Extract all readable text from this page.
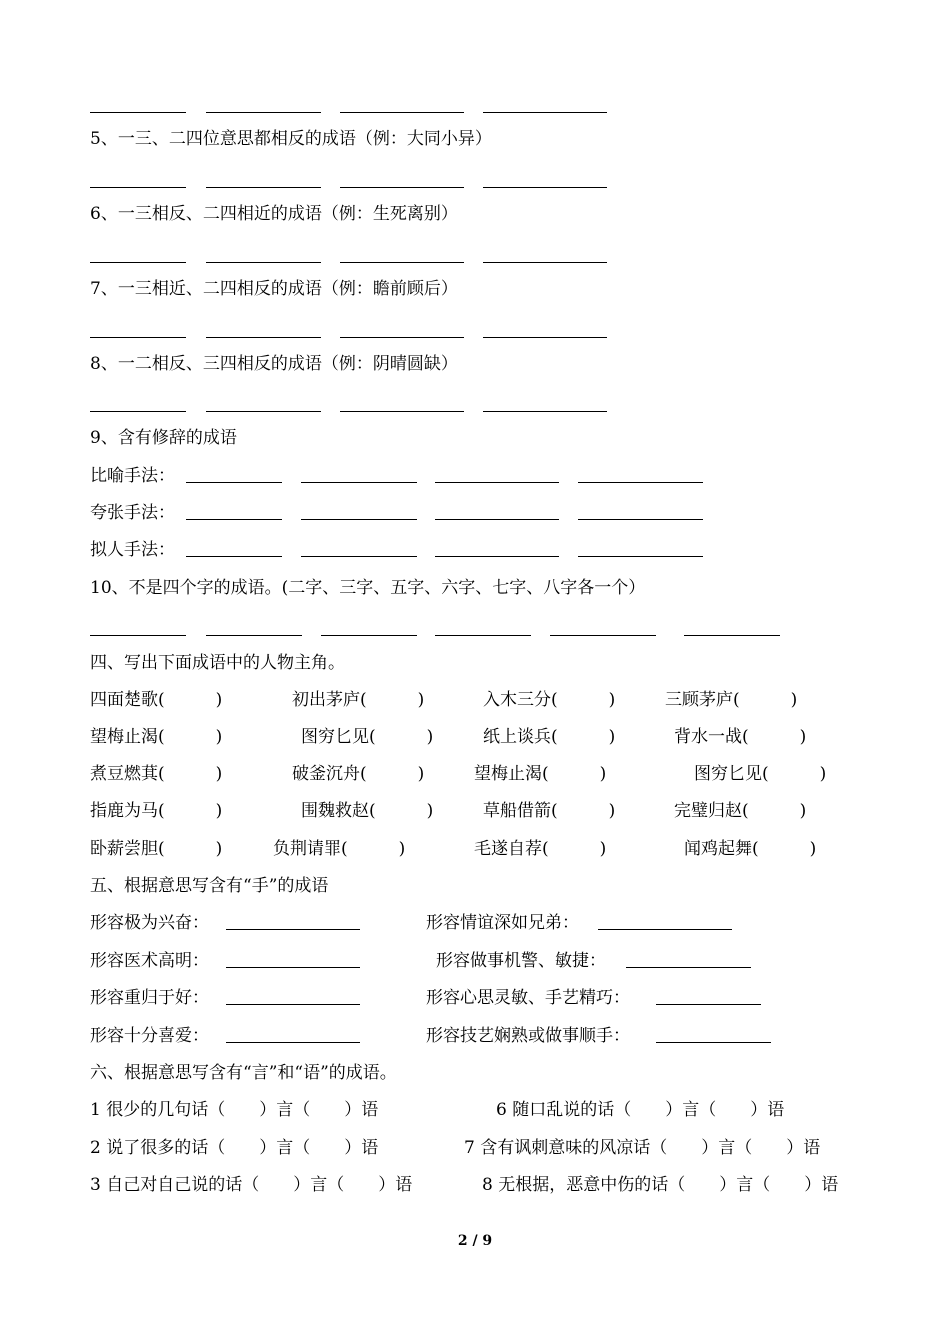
5、一三、二四位意思都相反的成语（例：大同小异）
6、一三相反、二四相近的成语（例：生死离别）
7、一三相近、二四相反的成语（例：瞻前顾后）
8、一二相反、三四相反的成语（例：阴晴圆缺）
9、含有修辞的成语
比喻手法：
夸张手法：
拟人手法：
10、不是四个字的成语。(二字、三字、五字、六字、七字、八字各一个）
四、写出下面成语中的人物主角。
四面楚歌(　　　)	初出茅庐(　　　)	入木三分(　　　)	三顾茅庐(　　　)
望梅止渴(　　　)	图穷匕见(　　　)	纸上谈兵(　　　)	背水一战(　　　)
煮豆燃萁(　　　)	破釜沉舟(　　　)	望梅止渴(　　　)	图穷匕见(　　　)
指鹿为马(　　　)	围魏救赵(　　　)	草船借箭(　　　)	完璧归赵(　　　)
卧薪尝胆(　　　)	负荆请罪(　　　)	毛遂自荐(　　　)	闻鸡起舞(　　　)
五、根据意思写含有“手”的成语
形容极为兴奋：	形容情谊深如兄弟：
形容医术高明：	形容做事机警、敏捷：
形容重归于好：	形容心思灵敏、手艺精巧：
形容十分喜爱：	形容技艺娴熟或做事顺手：
六、根据意思写含有“言”和“语”的成语。
1 很少的几句话（　　）言（　　）语	6 随口乱说的话（　　）言（　　）语
2 说了很多的话（　　）言（　　）语	7 含有讽刺意味的风凉话（　　）言（　　）语
3 自己对自己说的话（　　）言（　　）语	8 无根据，恶意中伤的话（　　）言（　　）语
2 / 9
